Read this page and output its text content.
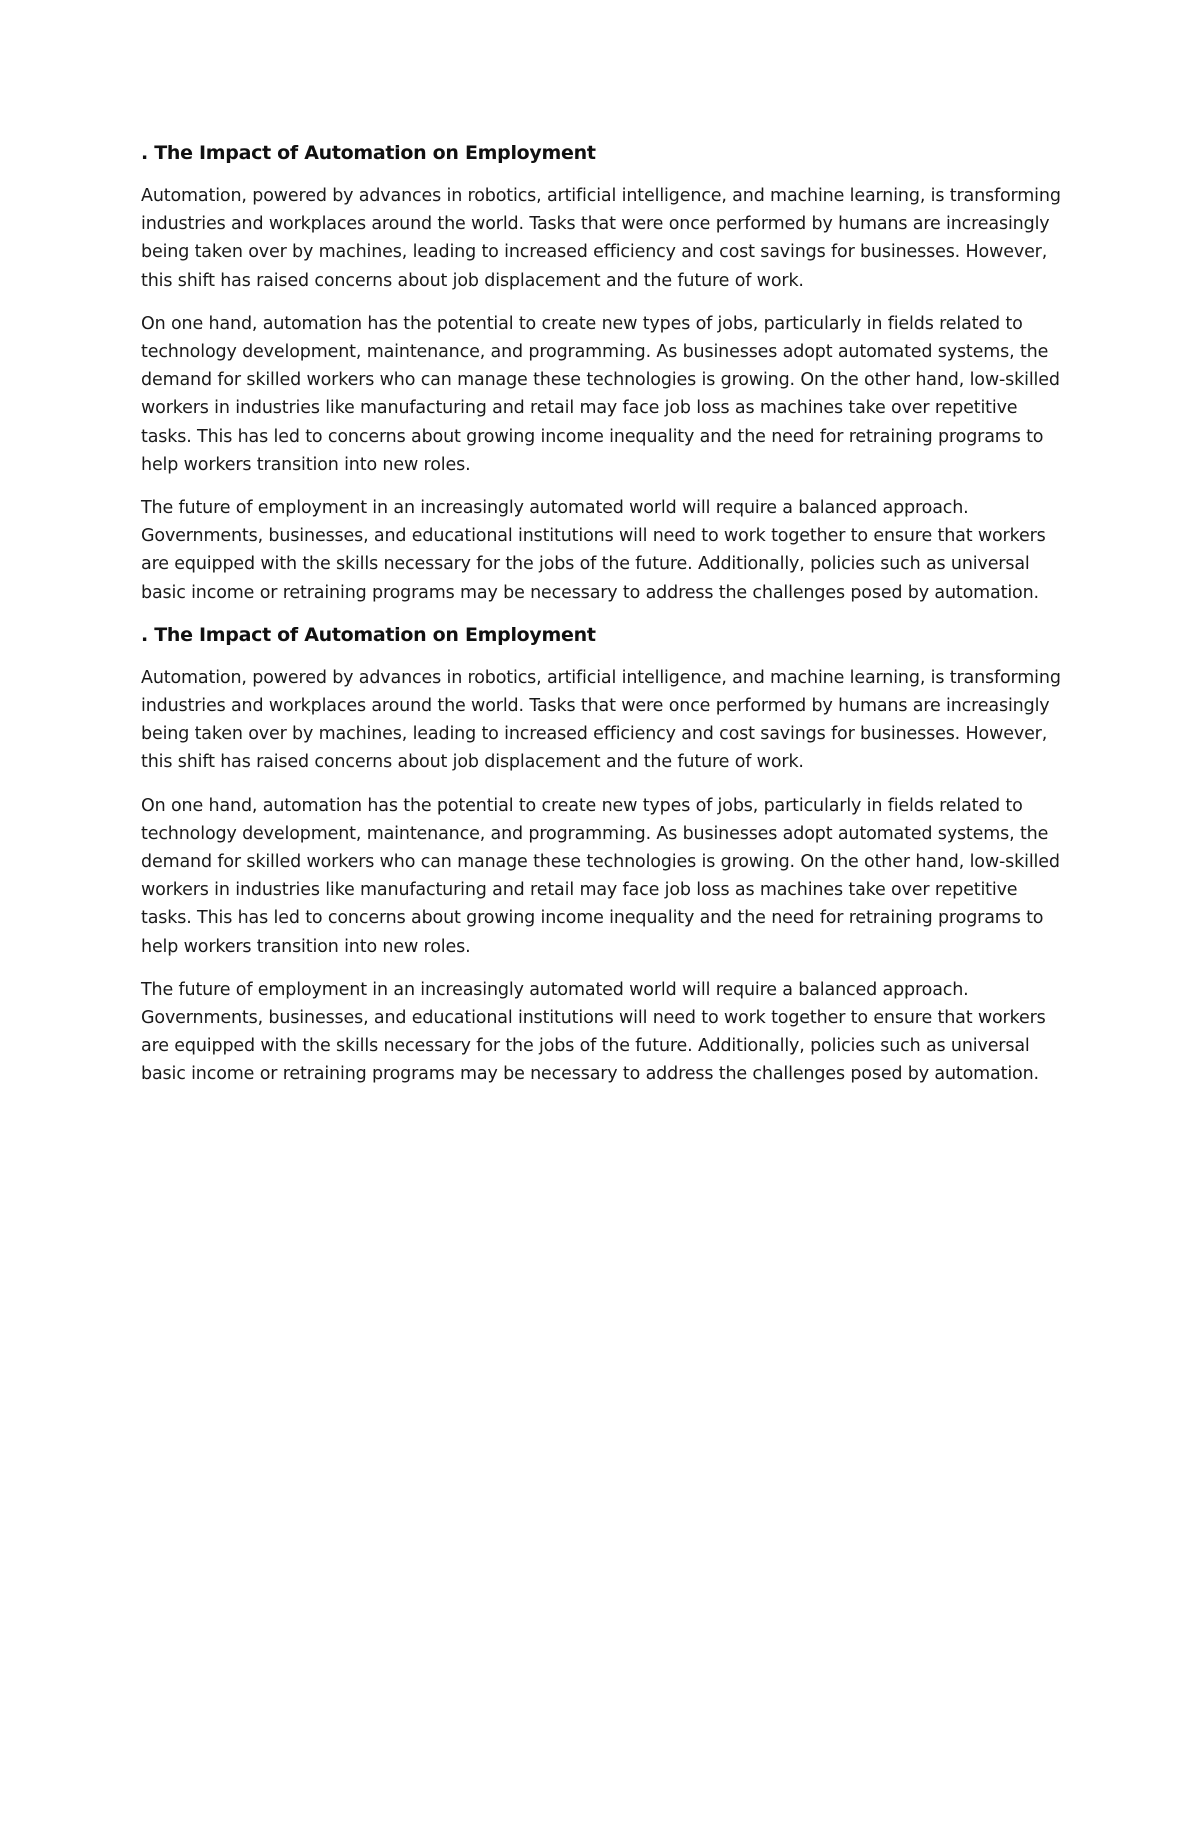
. The Impact of Automation on Employment

Automation, powered by advances in robotics, artificial intelligence, and machine learning, is transforming industries and workplaces around the world. Tasks that were once performed by humans are increasingly being taken over by machines, leading to increased efficiency and cost savings for businesses. However, this shift has raised concerns about job displacement and the future of work.

On one hand, automation has the potential to create new types of jobs, particularly in fields related to technology development, maintenance, and programming. As businesses adopt automated systems, the demand for skilled workers who can manage these technologies is growing. On the other hand, low-skilled workers in industries like manufacturing and retail may face job loss as machines take over repetitive tasks. This has led to concerns about growing income inequality and the need for retraining programs to help workers transition into new roles.

The future of employment in an increasingly automated world will require a balanced approach. Governments, businesses, and educational institutions will need to work together to ensure that workers are equipped with the skills necessary for the jobs of the future. Additionally, policies such as universal basic income or retraining programs may be necessary to address the challenges posed by automation.

. The Impact of Automation on Employment

Automation, powered by advances in robotics, artificial intelligence, and machine learning, is transforming industries and workplaces around the world. Tasks that were once performed by humans are increasingly being taken over by machines, leading to increased efficiency and cost savings for businesses. However, this shift has raised concerns about job displacement and the future of work.

On one hand, automation has the potential to create new types of jobs, particularly in fields related to technology development, maintenance, and programming. As businesses adopt automated systems, the demand for skilled workers who can manage these technologies is growing. On the other hand, low-skilled workers in industries like manufacturing and retail may face job loss as machines take over repetitive tasks. This has led to concerns about growing income inequality and the need for retraining programs to help workers transition into new roles.

The future of employment in an increasingly automated world will require a balanced approach. Governments, businesses, and educational institutions will need to work together to ensure that workers are equipped with the skills necessary for the jobs of the future. Additionally, policies such as universal basic income or retraining programs may be necessary to address the challenges posed by automation.
